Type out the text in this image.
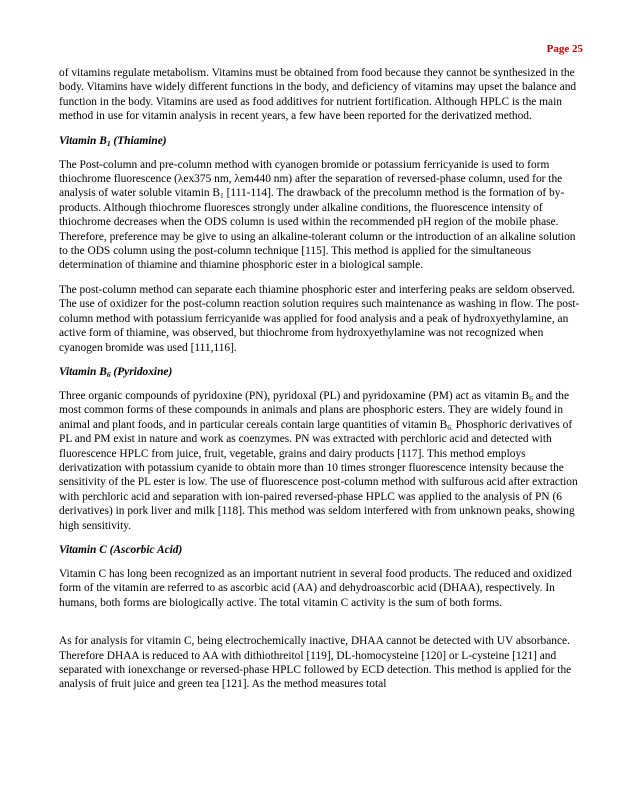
Page 25

of vitamins regulate metabolism. Vitamins must be obtained from food because they cannot be synthesized in the body. Vitamins have widely different functions in the body, and deficiency of vitamins may upset the balance and function in the body. Vitamins are used as food additives for nutrient fortification. Although HPLC is the main method in use for vitamin analysis in recent years, a few have been reported for the derivatized method.

Vitamin $B_1$ (Thiamine)

The Post-column and pre-column method with cyanogen bromide or potassium ferricyanide is used to form thiochrome fluorescence (λex375 nm, λem440 nm) after the separation of reversed-phase column, used for the analysis of water soluble vitamin $B_1$ [111-114]. The drawback of the precolumn method is the formation of by-products. Although thiochrome fluoresces strongly under alkaline conditions, the fluorescence intensity of thiochrome decreases when the ODS column is used within the recommended pH region of the mobile phase. Therefore, preference may be give to using an alkaline-tolerant column or the introduction of an alkaline solution to the ODS column using the post-column technique [115]. This method is applied for the simultaneous determination of thiamine and thiamine phosphoric ester in a biological sample.

The post-column method can separate each thiamine phosphoric ester and interfering peaks are seldom observed. The use of oxidizer for the post-column reaction solution requires such maintenance as washing in flow. The post-column method with potassium ferricyanide was applied for food analysis and a peak of hydroxyethylamine, an active form of thiamine, was observed, but thiochrome from hydroxyethylamine was not recognized when cyanogen bromide was used [111,116].

Vitamin $B_6$ (Pyridoxine)

Three organic compounds of pyridoxine (PN), pyridoxal (PL) and pyridoxamine (PM) act as vitamin $B_6$ and the most common forms of these compounds in animals and plans are phosphoric esters. They are widely found in animal and plant foods, and in particular cereals contain large quantities of vitamin $B_{6.}$ Phosphoric derivatives of PL and PM exist in nature and work as coenzymes. PN was extracted with perchloric acid and detected with fluorescence HPLC from juice, fruit, vegetable, grains and dairy products [117]. This method employs derivatization with potassium cyanide to obtain more than 10 times stronger fluorescence intensity because the sensitivity of the PL ester is low. The use of fluorescence post-column method with sulfurous acid after extraction with perchloric acid and separation with ion-paired reversed-phase HPLC was applied to the analysis of PN (6 derivatives) in pork liver and milk [118]. This method was seldom interfered with from unknown peaks, showing high sensitivity.

Vitamin C (Ascorbic Acid)

Vitamin C has long been recognized as an important nutrient in several food products. The reduced and oxidized form of the vitamin are referred to as ascorbic acid (AA) and dehydroascorbic acid (DHAA), respectively. In humans, both forms are biologically active. The total vitamin C activity is the sum of both forms.

As for analysis for vitamin C, being electrochemically inactive, DHAA cannot be detected with UV absorbance. Therefore DHAA is reduced to AA with dithiothreitol [119], DL-homocysteine [120] or L-cysteine [121] and separated with ionexchange or reversed-phase HPLC followed by ECD detection. This method is applied for the analysis of fruit juice and green tea [121]. As the method measures total
